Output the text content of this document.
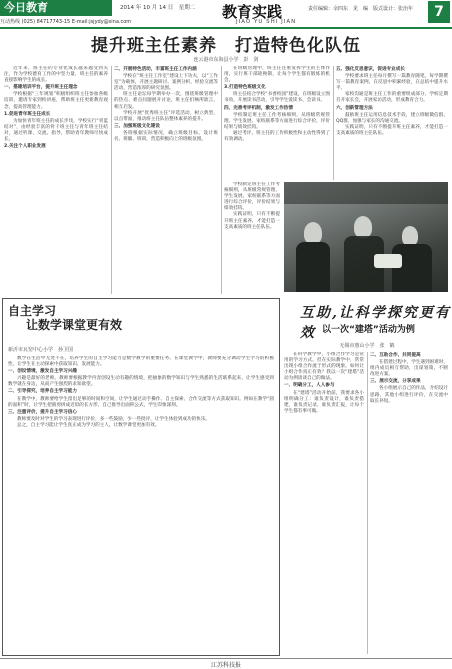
今日教育	2014 年 10 月 14 日　星期二
互动热线 (025) 84717743-15 E-mail:jsjydy@sina.com
教育实践
JIAO YU SHI JIAN
责任编辑：余四东　见　编　版式设计：张治年	7
提升班主任素养　打造特色化队伍
连云港市东海县小学　彭　剑

近年来，班主任的专业化成长越来越受到关注，作为学校德育工作的中坚力量，班主任的素养直接影响学生的成长。

一、搭建培训平台，提升班主任理念

学校根据“三年规划”积极组织班主任参加各级培训，邀请专家到校讲座，帮助班主任更新教育观念，提高管理能力。

1.促进青年班主任成长

为加快青年班主任的成长步伐，学校实行“青蓝结对”，由经验丰富的骨干班主任与青年班主任结对，通过听课、交流、指导，帮助青年教师尽快成长。

2.关注个人职业发展

二、开展特色活动，丰富班主任工作内涵

学校在“班主任工作室”建设上下功夫，以“工作室”为载体，开展主题研讨、案例分析、经验交流等活动，营造浓厚的研究氛围。

班主任论坛每学期举办一次，围绕班级管理中的热点、难点问题展开讨论，班主任们畅所欲言，相互启发。

学校开展“优秀班主任”评选活动，树立典型，以点带面，推动班主任队伍整体素养的提升。

三、加强班级文化建设

各班根据实际情况，确立班级目标，设计班名、班徽、班训，营造积极向上的班级氛围。

在班级管理中，班主任注重发挥学生的主体作用，实行班干部轮换制，让每个学生都有锻炼的机会。

3.打造特色班级文化

班主任结合学校“书香校园”建设，在班级设立图书角，开展读书活动，引导学生爱读书、会读书。

四、完善考评机制，激发工作热情

学校制定班主任工作考核细则，从班级常规管理、学生发展、家校联系等方面进行综合评价，评价结果与绩效挂钩。

通过考评，班主任的工作积极性和主动性得到了有效调动。

五、强化反思意识，促进专业成长

学校要求班主任每月撰写一篇教育随笔，每学期撰写一篇教育案例，在反思中积累经验，在总结中提升水平。

家校沟通是班主任工作的重要组成部分，学校定期召开家长会，开展家访活动，形成教育合力。

六、创新管理方法

鼓励班主任运用信息技术手段，建立班级微信群、QQ群，加强与家长的沟通交流。

实践证明，只有不断提升班主任素养，才能打造一支高素质的班主任队伍。

学校制定班主任工作考核细则，从班级常规管理、学生发展、家校联系等方面进行综合评价，评价结果与绩效挂钩。

实践证明，只有不断提升班主任素养，才能打造一支高素质的班主任队伍。

自主学习
让数学课堂更有效
新沂市瓦窑中心小学　孙卫国

数学在生活中无处不在，培养学生的自主学习能力是数学教学的重要任务。在课堂教学中，教师要充分调动学生学习的积极性，让学生在主动探索中获取知识、发展能力。

一、创设情境，激发自主学习兴趣

兴趣是最好的老师。教师要根据教学内容创设生动有趣的情境，把抽象的数学知识与学生熟悉的生活联系起来，让学生感受到数学就在身边，从而产生强烈的求知欲望。

二、引导探究，培养自主学习能力

在教学中，教师要给学生留出足够的时间和空间，让学生通过动手操作、自主探索、合作交流等方式获取知识。例如在教学“圆的面积”时，让学生把圆剪拼成近似的长方形，自己推导出面积公式，学生印象深刻。

三、注重评价，提升自主学习信心

教师要及时对学生的学习表现进行评价，多一些鼓励，少一些批评，让学生体验到成功的快乐。

总之，自主学习能让学生真正成为学习的主人，让数学课堂更加有效。

互助,让科学探究更有效 以一次“建塔”活动为例
无锡市惠山小学　张　鹤

在科学教学中，小组合作学习是常用的学习方式。但在实际教学中，常常出现小组合作流于形式的现象。如何让小组合作真正有效？我以一次“建塔”活动为例谈谈自己的做法。

一、明确分工，人人参与

在“建塔”活动开始前，我要求各小组明确分工：谁负责设计，谁负责搭建，谁负责记录，谁负责汇报，让每个学生都有事可做。

二、互助合作，共同提高

在搭建过程中，学生遇到困难时，组内成员相互帮助，出谋划策，不断改进方案。

三、展示交流，分享成果

各小组展示自己的作品，介绍设计思路，其他小组进行评价，在交流中取长补短。

江苏科技报
